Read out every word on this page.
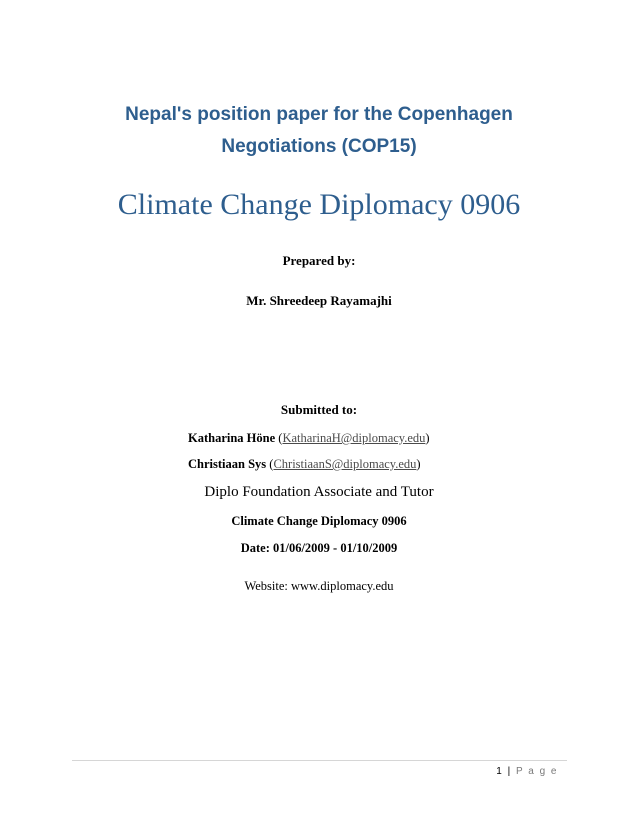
Nepal's position paper for the Copenhagen
Negotiations (COP15)
Climate Change Diplomacy 0906
Prepared by:
Mr. Shreedeep Rayamajhi
Submitted to:
Katharina Höne (KatharinaH@diplomacy.edu)
Christiaan Sys (ChristiaanS@diplomacy.edu)
Diplo Foundation Associate and Tutor
Climate Change Diplomacy 0906
Date: 01/06/2009 - 01/10/2009
Website: www.diplomacy.edu
1 | P a g e
